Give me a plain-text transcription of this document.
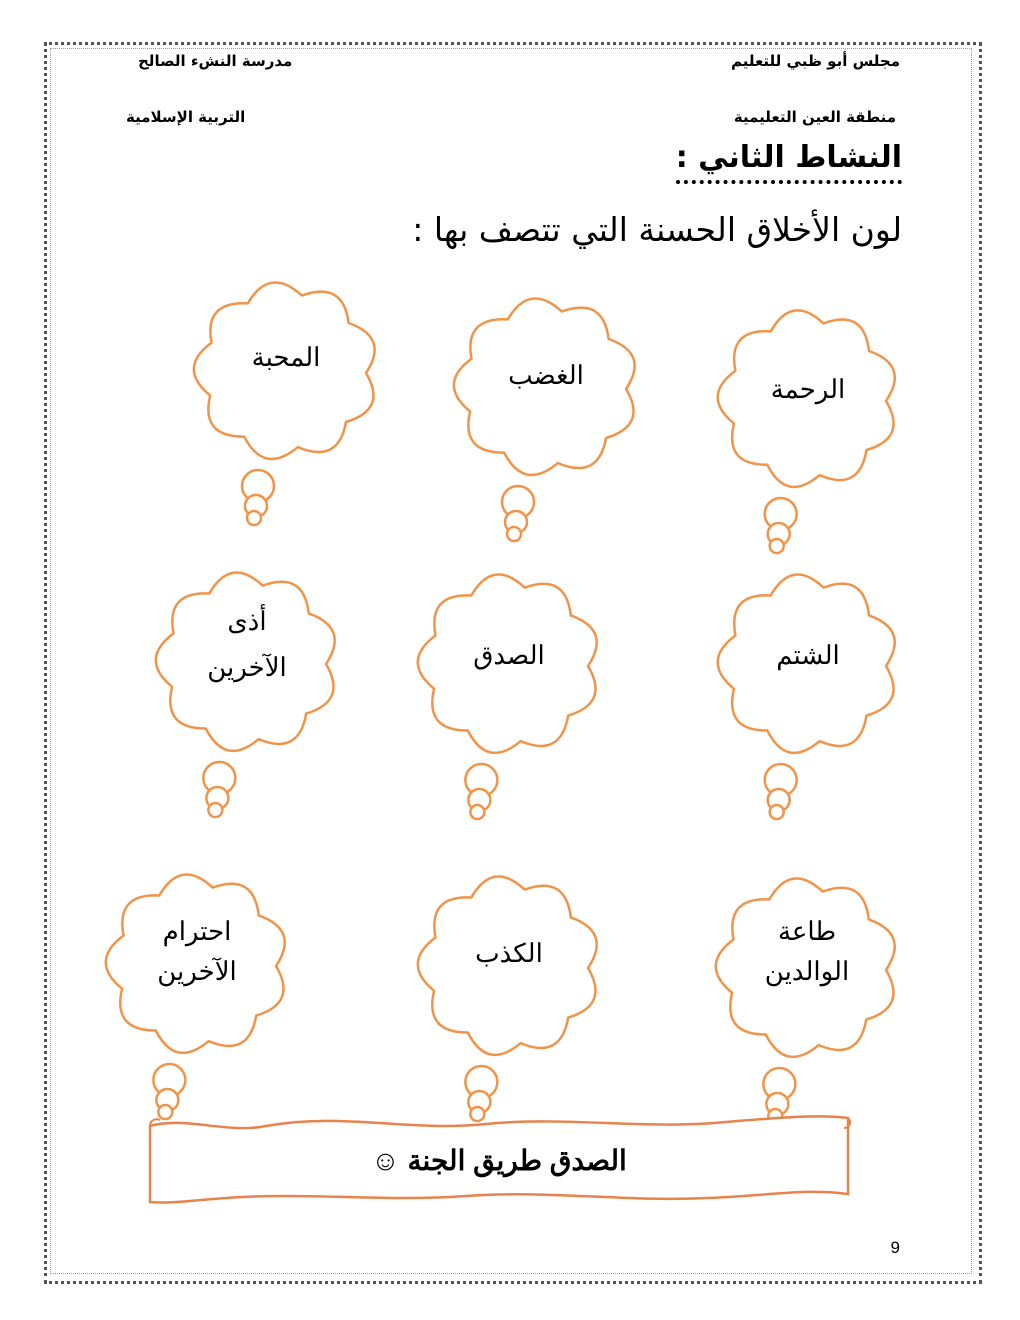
مجلس أبو ظبي للتعليم
مدرسة النشء الصالح
منطقة العين التعليمية
التربية الإسلامية
النشاط الثاني :
لون الأخلاق الحسنة التي تتصف بها :
المحبة
الغضب	الرحمة
أذى
الآخرين	الصدق	الشتم
احترام
الآخرين
الكذب
طاعة
الوالدين
الصدق طريق الجنة ☺
9
